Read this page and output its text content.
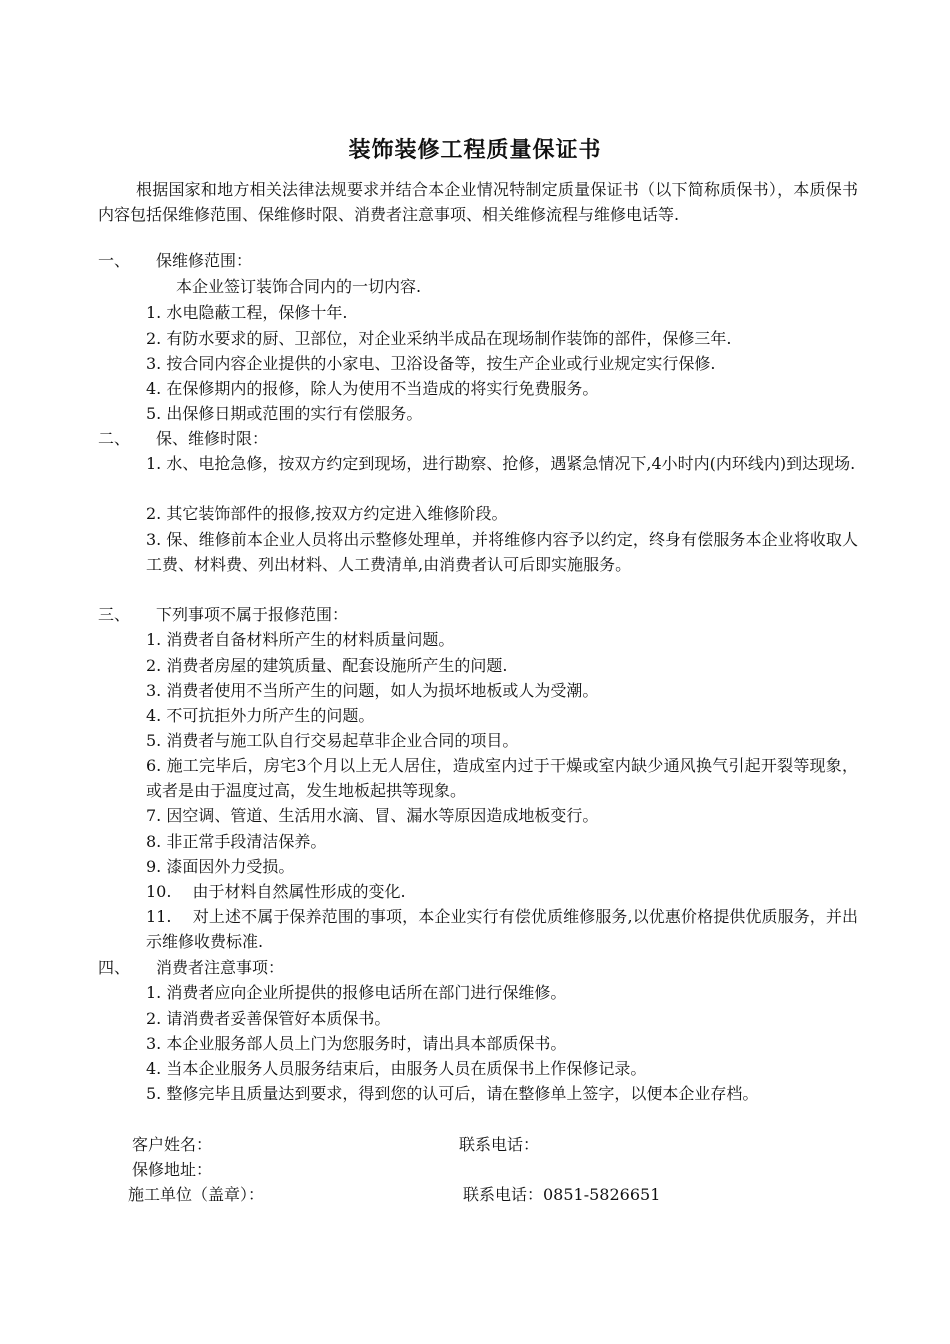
装饰装修工程质量保证书
根据国家和地方相关法律法规要求并结合本企业情况特制定质量保证书（以下简称质保书），本质保书内容包括保维修范围、保维修时限、消费者注意事项、相关维修流程与维修电话等.
一、 保维修范围：
本企业签订装饰合同内的一切内容.
1. 水电隐蔽工程，保修十年.
2. 有防水要求的厨、卫部位，对企业采纳半成品在现场制作装饰的部件，保修三年.
3. 按合同内容企业提供的小家电、卫浴设备等，按生产企业或行业规定实行保修.
4. 在保修期内的报修，除人为使用不当造成的将实行免费服务。
5. 出保修日期或范围的实行有偿服务。
二、 保、维修时限：
1. 水、电抢急修，按双方约定到现场，进行勘察、抢修，遇紧急情况下,4小时内(内环线内)到达现场.
2. 其它装饰部件的报修,按双方约定进入维修阶段。
3. 保、维修前本企业人员将出示整修处理单，并将维修内容予以约定，终身有偿服务本企业将收取人工费、材料费、列出材料、人工费清单,由消费者认可后即实施服务。
三、 下列事项不属于报修范围：
1. 消费者自备材料所产生的材料质量问题。
2. 消费者房屋的建筑质量、配套设施所产生的问题.
3. 消费者使用不当所产生的问题，如人为损坏地板或人为受潮。
4. 不可抗拒外力所产生的问题。
5. 消费者与施工队自行交易起草非企业合同的项目。
6. 施工完毕后，房宅3个月以上无人居住，造成室内过于干燥或室内缺少通风换气引起开裂等现象，或者是由于温度过高，发生地板起拱等现象。
7. 因空调、管道、生活用水滴、冒、漏水等原因造成地板变行。
8. 非正常手段清洁保养。
9. 漆面因外力受损。
10.　 由于材料自然属性形成的变化.
11.　 对上述不属于保养范围的事项，本企业实行有偿优质维修服务,以优惠价格提供优质服务，并出示维修收费标准.
四、 消费者注意事项：
1. 消费者应向企业所提供的报修电话所在部门进行保维修。
2. 请消费者妥善保管好本质保书。
3. 本企业服务部人员上门为您服务时，请出具本部质保书。
4. 当本企业服务人员服务结束后，由服务人员在质保书上作保修记录。
5. 整修完毕且质量达到要求，得到您的认可后，请在整修单上签字，以便本企业存档。
客户姓名：	联系电话：
保修地址：
施工单位（盖章）：	联系电话：0851-5826651
